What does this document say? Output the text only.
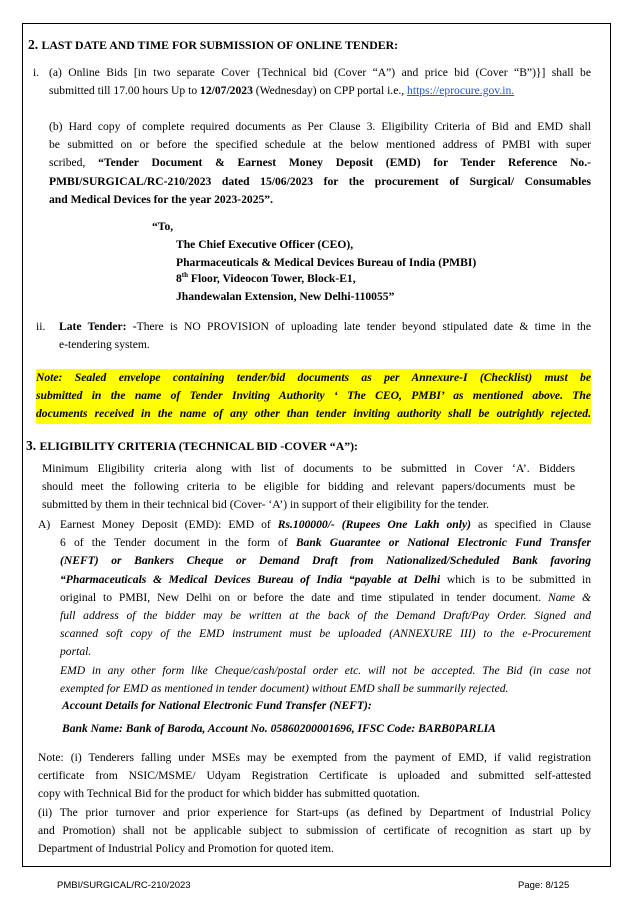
2. LAST DATE AND TIME FOR SUBMISSION OF ONLINE TENDER:
i. (a) Online Bids [in two separate Cover {Technical bid (Cover “A”) and price bid (Cover “B”)}] shall be
submitted till 17.00 hours Up to 12/07/2023 (Wednesday) on CPP portal i.e., https://eprocure.gov.in.
(b) Hard copy of complete required documents as Per Clause 3. Eligibility Criteria of Bid and EMD shall
be submitted on or before the specified schedule at the below mentioned address of PMBI with super
scribed, “Tender Document & Earnest Money Deposit (EMD) for Tender Reference No.-
PMBI/SURGICAL/RC-210/2023 dated 15/06/2023 for the procurement of Surgical/ Consumables
and Medical Devices for the year 2023-2025”.
“To,
The Chief Executive Officer (CEO),
Pharmaceuticals & Medical Devices Bureau of India (PMBI)
8th Floor, Videocon Tower, Block-E1,
Jhandewalan Extension, New Delhi-110055”
ii. Late Tender: -There is NO PROVISION of uploading late tender beyond stipulated date & time in the
e-tendering system.
Note: Sealed envelope containing tender/bid documents as per Annexure-I (Checklist) must be
submitted in the name of Tender Inviting Authority ‘ The CEO, PMBI’ as mentioned above. The
documents received in the name of any other than tender inviting authority shall be outrightly rejected.
3. ELIGIBILITY CRITERIA (TECHNICAL BID -COVER “A”):
Minimum Eligibility criteria along with list of documents to be submitted in Cover ‘A’. Bidders
should meet the following criteria to be eligible for bidding and relevant papers/documents must be
submitted by them in their technical bid (Cover- ‘A’) in support of their eligibility for the tender.
A) Earnest Money Deposit (EMD): EMD of Rs.100000/- (Rupees One Lakh only) as specified in Clause
6 of the Tender document in the form of Bank Guarantee or National Electronic Fund Transfer
(NEFT) or Bankers Cheque or Demand Draft from Nationalized/Scheduled Bank favoring
“Pharmaceuticals & Medical Devices Bureau of India “payable at Delhi which is to be submitted in
original to PMBI, New Delhi on or before the date and time stipulated in tender document. Name &
full address of the bidder may be written at the back of the Demand Draft/Pay Order. Signed and
scanned soft copy of the EMD instrument must be uploaded (ANNEXURE III) to the e-Procurement
portal.
EMD in any other form like Cheque/cash/postal order etc. will not be accepted. The Bid (in case not
exempted for EMD as mentioned in tender document) without EMD shall be summarily rejected.
Account Details for National Electronic Fund Transfer (NEFT):
Bank Name: Bank of Baroda, Account No. 05860200001696, IFSC Code: BARB0PARLIA
Note: (i) Tenderers falling under MSEs may be exempted from the payment of EMD, if valid registration
certificate from NSIC/MSME/ Udyam Registration Certificate is uploaded and submitted self-attested
copy with Technical Bid for the product for which bidder has submitted quotation.
(ii) The prior turnover and prior experience for Start-ups (as defined by Department of Industrial Policy
and Promotion) shall not be applicable subject to submission of certificate of recognition as start up by
Department of Industrial Policy and Promotion for quoted item.
PMBI/SURGICAL/RC-210/2023	Page: 8/125
